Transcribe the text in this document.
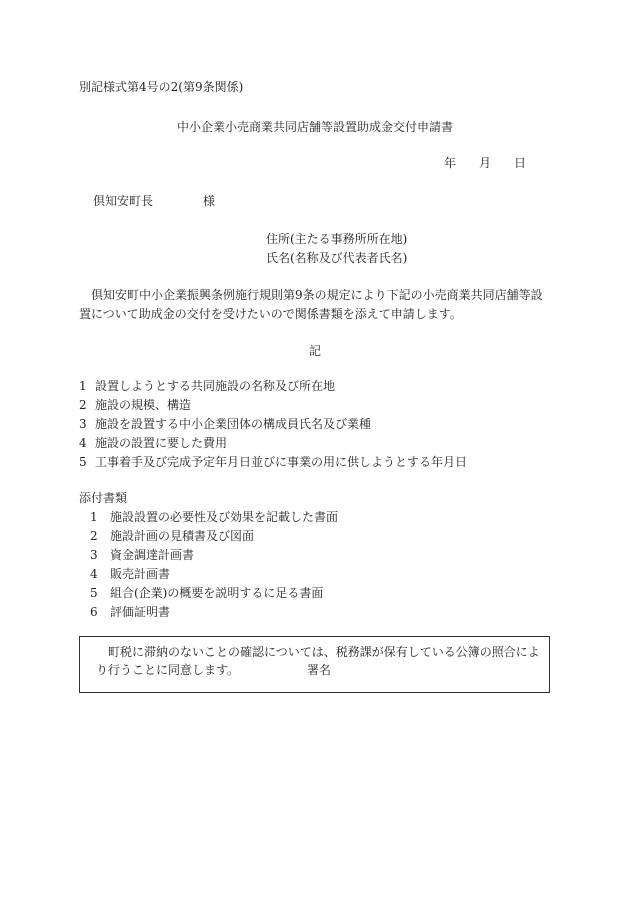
別記様式第4号の2(第9条関係)
中小企業小売商業共同店舗等設置助成金交付申請書
年 月 日
倶知安町長	様
住所(主たる事務所所在地)
氏名(名称及び代表者氏名)
倶知安町中小企業振興条例施行規則第9条の規定により下記の小売商業共同店舗等設置について助成金の交付を受けたいので関係書類を添えて申請します。
記
1 設置しようとする共同施設の名称及び所在地
2 施設の規模、構造
3 施設を設置する中小企業団体の構成員氏名及び業種
4 施設の設置に要した費用
5 工事着手及び完成予定年月日並びに事業の用に供しようとする年月日
添付書類
1 施設設置の必要性及び効果を記載した書面
2 施設計画の見積書及び図面
3 資金調達計画書
4 販売計画書
5 組合(企業)の概要を説明するに足る書面
6 評価証明書
町税に滞納のないことの確認については、税務課が保有している公簿の照合により行うことに同意します。	署名
